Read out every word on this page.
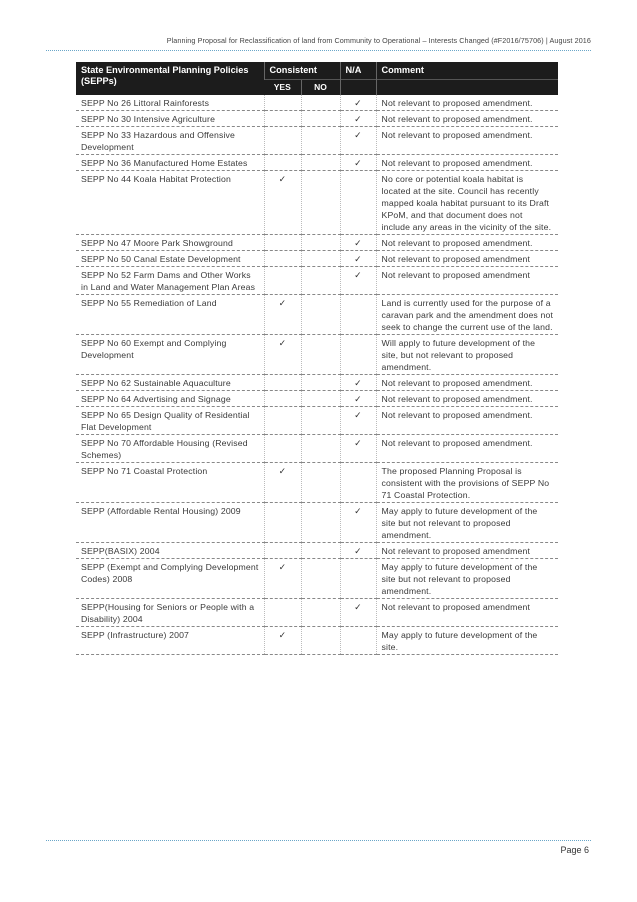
Planning Proposal for Reclassification of land from Community to Operational – Interests Changed (#F2016/75706) | August 2016
State Environmental Planning Policies (SEPPs)	Consistent		N/A	Comment
	YES	NO		
SEPP No 26 Littoral Rainforests			✓	Not relevant to proposed amendment.
SEPP No 30 Intensive Agriculture			✓	Not relevant to proposed amendment.
SEPP No 33 Hazardous and Offensive Development			✓	Not relevant to proposed amendment.
SEPP No 36 Manufactured Home Estates			✓	Not relevant to proposed amendment.
SEPP No 44 Koala Habitat Protection	✓			No core or potential koala habitat is located at the site. Council has recently mapped koala habitat pursuant to its Draft KPoM, and that document does not include any areas in the vicinity of the site.
SEPP No 47 Moore Park Showground			✓	Not relevant to proposed amendment.
SEPP No 50 Canal Estate Development			✓	Not relevant to proposed amendment
SEPP No 52 Farm Dams and Other Works in Land and Water Management Plan Areas			✓	Not relevant to proposed amendment
SEPP No 55 Remediation of Land	✓			Land is currently used for the purpose of a caravan park and the amendment does not seek to change the current use of the land.
SEPP No 60 Exempt and Complying Development	✓			Will apply to future development of the site, but not relevant to proposed amendment.
SEPP No 62 Sustainable Aquaculture			✓	Not relevant to proposed amendment.
SEPP No 64 Advertising and Signage			✓	Not relevant to proposed amendment.
SEPP No 65 Design Quality of Residential Flat Development			✓	Not relevant to proposed amendment.
SEPP No 70 Affordable Housing (Revised Schemes)			✓	Not relevant to proposed amendment.
SEPP No 71 Coastal Protection	✓			The proposed Planning Proposal is consistent with the provisions of SEPP No 71 Coastal Protection.
SEPP (Affordable Rental Housing) 2009			✓	May apply to future development of the site but not relevant to proposed amendment.
SEPP(BASIX) 2004			✓	Not relevant to proposed amendment
SEPP (Exempt and Complying Development Codes) 2008	✓			May apply to future development of the site but not relevant to proposed amendment.
SEPP(Housing for Seniors or People with a Disability) 2004			✓	Not relevant to proposed amendment
SEPP (Infrastructure) 2007	✓			May apply to future development of the site.
Page 6
